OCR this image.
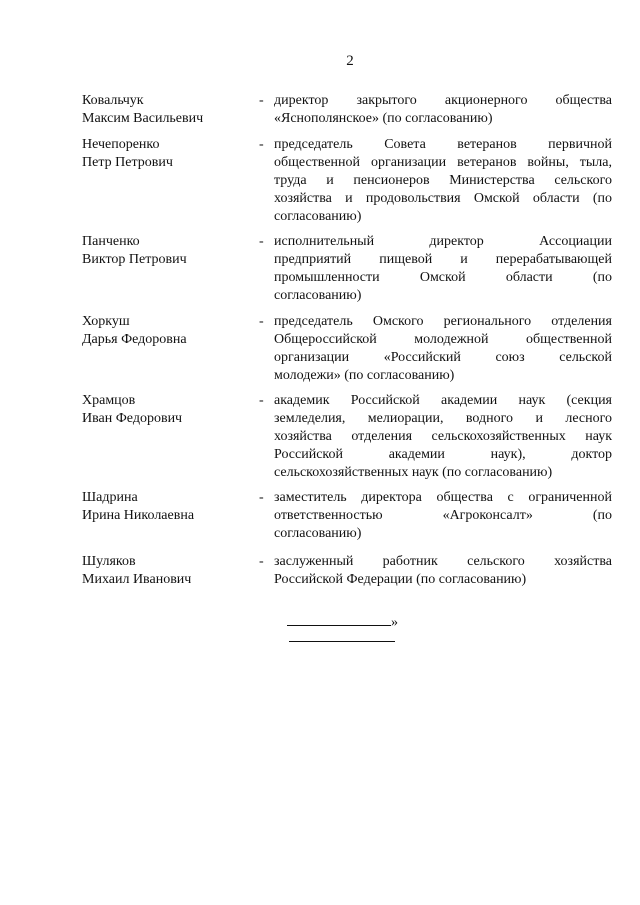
2
Ковальчук
Максим Васильевич
- директор закрытого акционерного общества
«Яснополянское» (по согласованию)
Нечепоренко
Петр Петрович
- председатель Совета ветеранов первичной
общественной организации ветеранов войны, тыла,
труда и пенсионеров Министерства сельского
хозяйства и продовольствия Омской области (по
согласованию)
Панченко
Виктор Петрович
- исполнительный директор Ассоциации
предприятий пищевой и перерабатывающей
промышленности Омской области (по
согласованию)
Хоркуш
Дарья Федоровна
- председатель Омского регионального отделения
Общероссийской молодежной общественной
организации «Российский союз сельской
молодежи» (по согласованию)
Храмцов
Иван Федорович
- академик Российской академии наук (секция
земледелия, мелиорации, водного и лесного
хозяйства отделения сельскохозяйственных наук
Российской академии наук), доктор
сельскохозяйственных наук (по согласованию)
Шадрина
Ирина Николаевна
- заместитель директора общества с ограниченной
ответственностью «Агроконсалт» (по
согласованию)
Шуляков
Михаил Иванович
- заслуженный работник сельского хозяйства
Российской Федерации (по согласованию)
»
